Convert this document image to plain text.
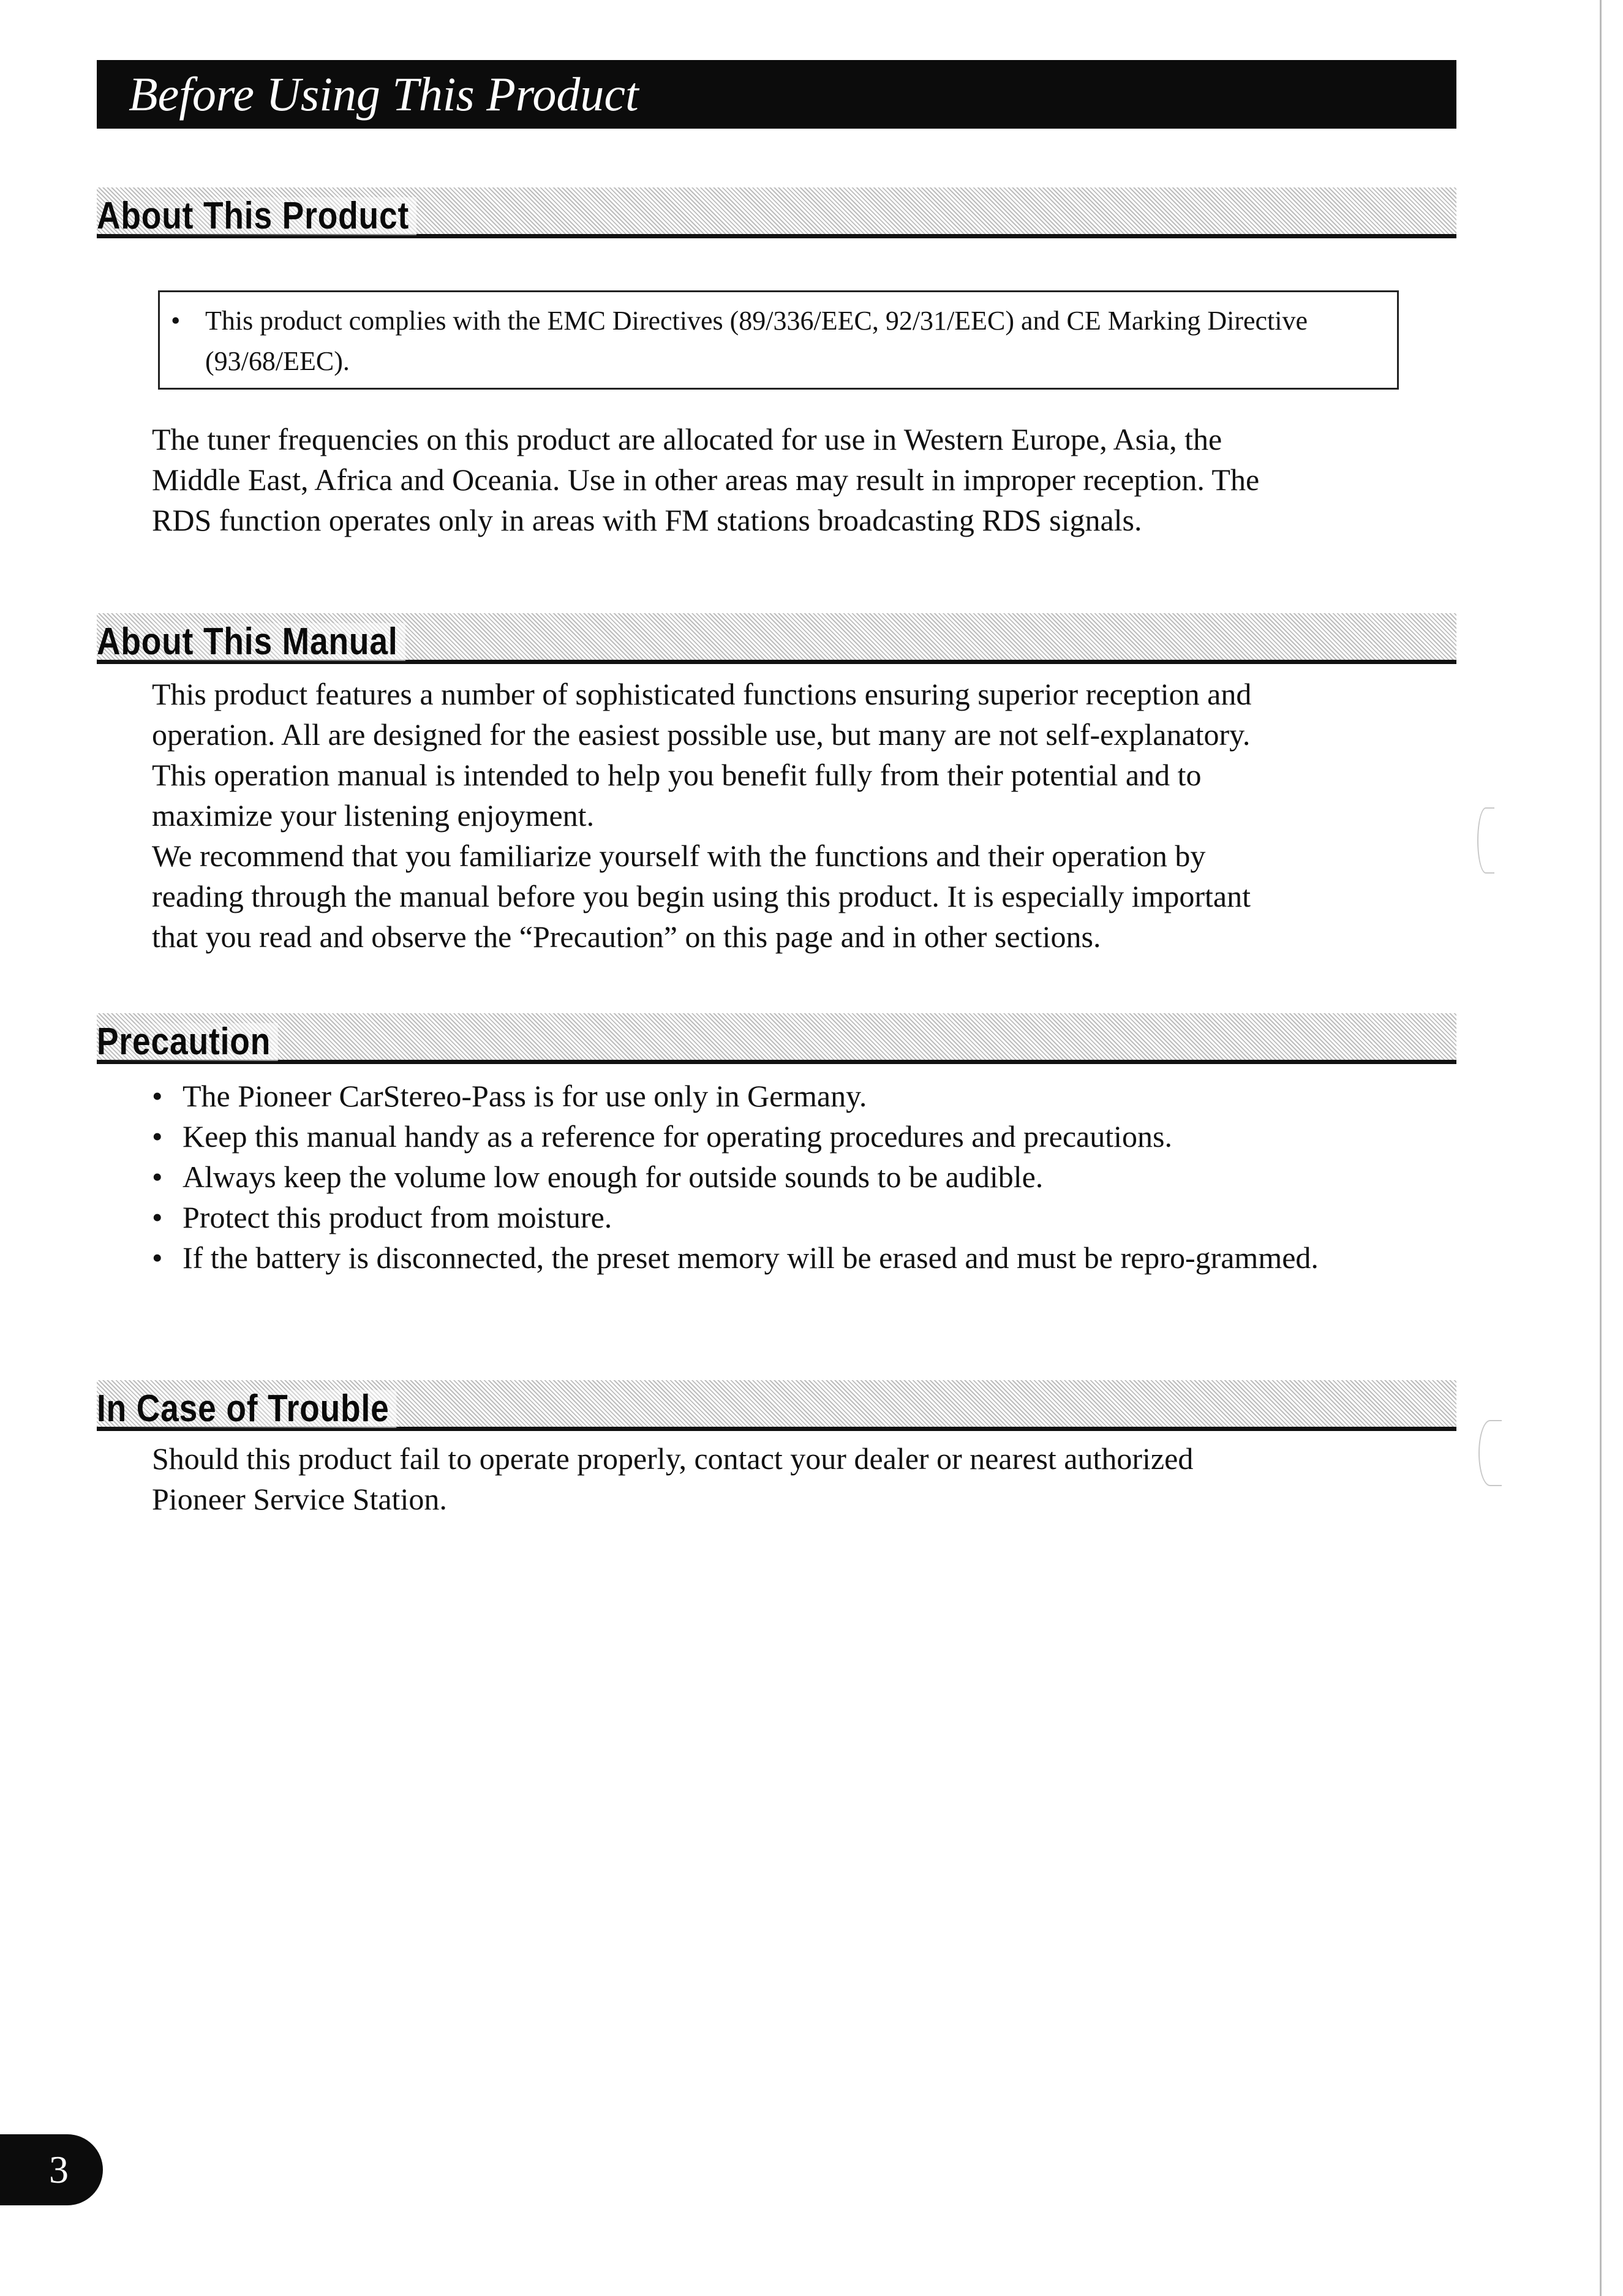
Before Using This Product
About This Product
• This product complies with the EMC Directives (89/336/EEC, 92/31/EEC) and CE Marking Directive (93/68/EEC).
The tuner frequencies on this product are allocated for use in Western Europe, Asia, the
Middle East, Africa and Oceania. Use in other areas may result in improper reception. The
RDS function operates only in areas with FM stations broadcasting RDS signals.
About This Manual
This product features a number of sophisticated functions ensuring superior reception and
operation. All are designed for the easiest possible use, but many are not self-explanatory.
This operation manual is intended to help you benefit fully from their potential and to
maximize your listening enjoyment.
We recommend that you familiarize yourself with the functions and their operation by
reading through the manual before you begin using this product. It is especially important
that you read and observe the “Precaution” on this page and in other sections.
Precaution
• The Pioneer CarStereo-Pass is for use only in Germany.
• Keep this manual handy as a reference for operating procedures and precautions.
• Always keep the volume low enough for outside sounds to be audible.
• Protect this product from moisture.
• If the battery is disconnected, the preset memory will be erased and must be repro-grammed.
In Case of Trouble
Should this product fail to operate properly, contact your dealer or nearest authorized
Pioneer Service Station.
3
